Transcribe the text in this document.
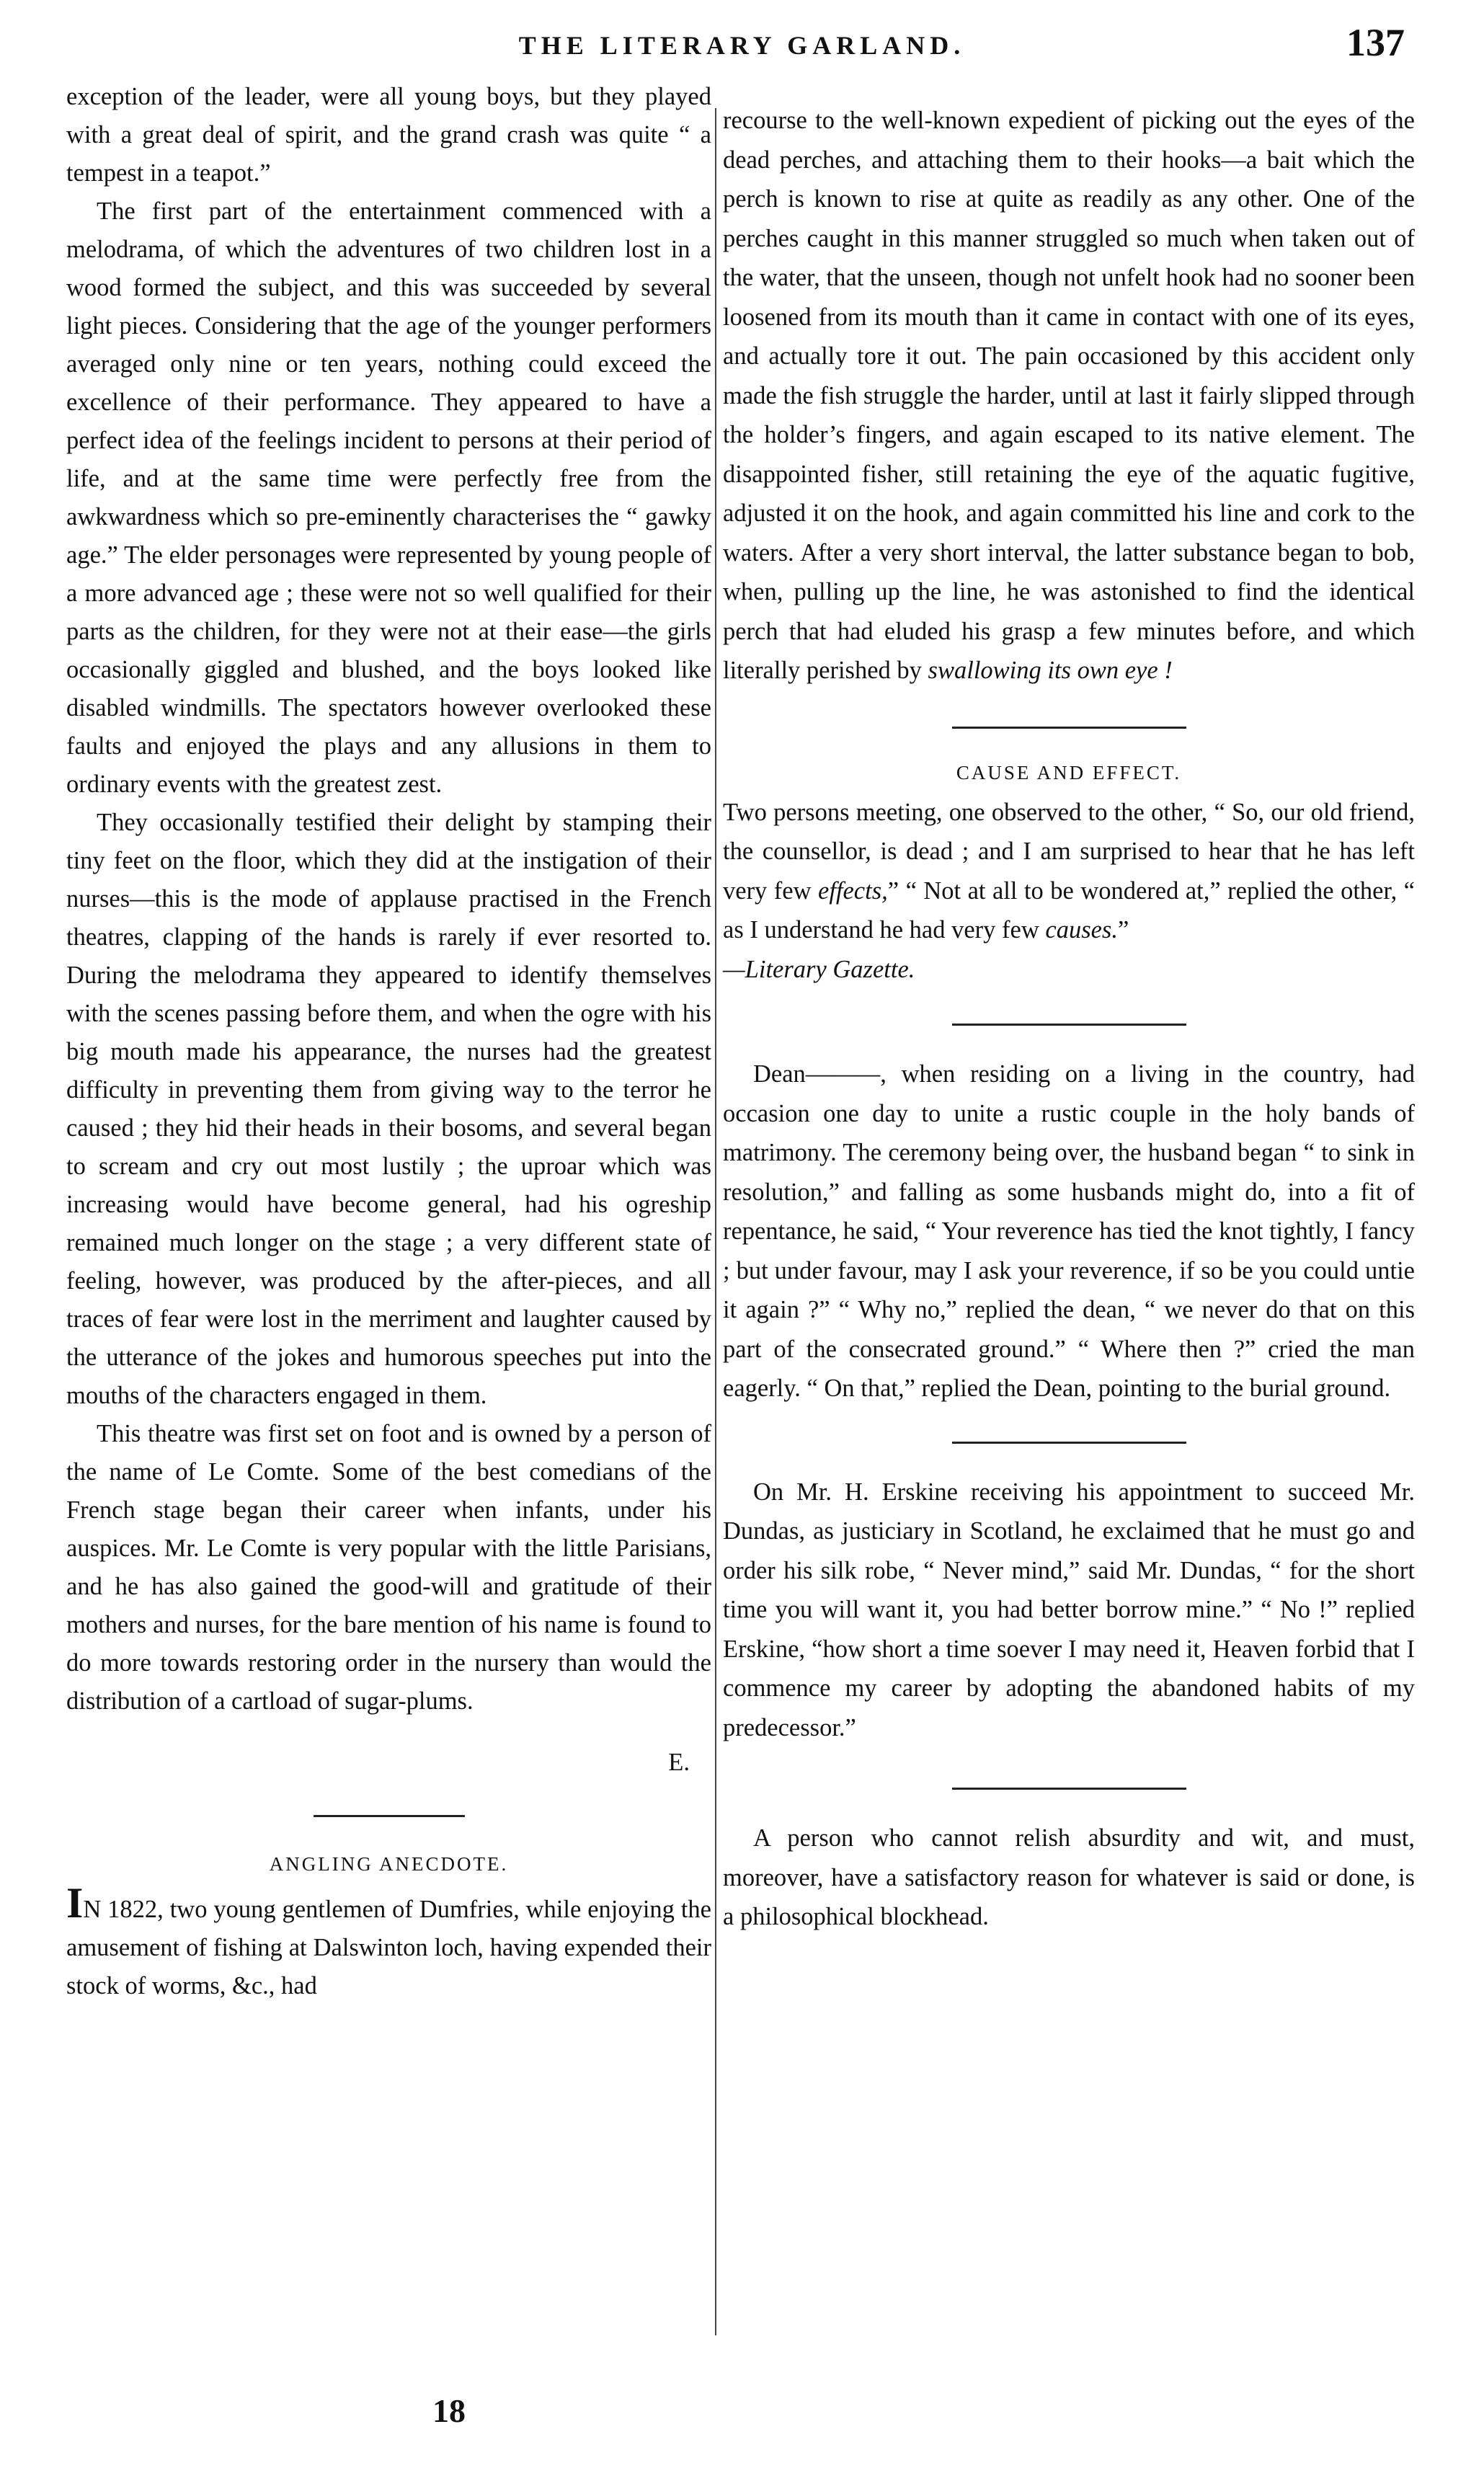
THE LITERARY GARLAND.	137

exception of the leader, were all young boys, but they played with a great deal of spirit, and the grand crash was quite “ a tempest in a teapot.”

The first part of the entertainment commenced with a melodrama, of which the adventures of two children lost in a wood formed the subject, and this was succeeded by several light pieces. Considering that the age of the younger performers averaged only nine or ten years, nothing could exceed the excellence of their performance. They appeared to have a perfect idea of the feelings incident to persons at their period of life, and at the same time were perfectly free from the awkwardness which so pre-eminently characterises the “ gawky age.” The elder personages were represented by young people of a more advanced age ; these were not so well qualified for their parts as the children, for they were not at their ease—the girls occasionally giggled and blushed, and the boys looked like disabled windmills. The spectators however overlooked these faults and enjoyed the plays and any allusions in them to ordinary events with the greatest zest.

They occasionally testified their delight by stamping their tiny feet on the floor, which they did at the instigation of their nurses—this is the mode of applause practised in the French theatres, clapping of the hands is rarely if ever resorted to. During the melodrama they appeared to identify themselves with the scenes passing before them, and when the ogre with his big mouth made his appearance, the nurses had the greatest difficulty in preventing them from giving way to the terror he caused ; they hid their heads in their bosoms, and several began to scream and cry out most lustily ; the uproar which was increasing would have become general, had his ogreship remained much longer on the stage ; a very different state of feeling, however, was produced by the after-pieces, and all traces of fear were lost in the merriment and laughter caused by the utterance of the jokes and humorous speeches put into the mouths of the characters engaged in them.

This theatre was first set on foot and is owned by a person of the name of Le Comte. Some of the best comedians of the French stage began their career when infants, under his auspices. Mr. Le Comte is very popular with the little Parisians, and he has also gained the good-will and gratitude of their mothers and nurses, for the bare mention of his name is found to do more towards restoring order in the nursery than would the distribution of a cartload of sugar-plums.

E.
ANGLING ANECDOTE.

IN 1822, two young gentlemen of Dumfries, while enjoying the amusement of fishing at Dalswinton loch, having expended their stock of worms, &c., had

recourse to the well-known expedient of picking out the eyes of the dead perches, and attaching them to their hooks—a bait which the perch is known to rise at quite as readily as any other. One of the perches caught in this manner struggled so much when taken out of the water, that the unseen, though not unfelt hook had no sooner been loosened from its mouth than it came in contact with one of its eyes, and actually tore it out. The pain occasioned by this accident only made the fish struggle the harder, until at last it fairly slipped through the holder’s fingers, and again escaped to its native element. The disappointed fisher, still retaining the eye of the aquatic fugitive, adjusted it on the hook, and again committed his line and cork to the waters. After a very short interval, the latter substance began to bob, when, pulling up the line, he was astonished to find the identical perch that had eluded his grasp a few minutes before, and which literally perished by swallowing its own eye !

CAUSE AND EFFECT.

Two persons meeting, one observed to the other, “ So, our old friend, the counsellor, is dead ; and I am surprised to hear that he has left very few effects,” “ Not at all to be wondered at,” replied the other, “ as I understand he had very few causes.”

—Literary Gazette.

Dean———, when residing on a living in the country, had occasion one day to unite a rustic couple in the holy bands of matrimony. The ceremony being over, the husband began “ to sink in resolution,” and falling as some husbands might do, into a fit of repentance, he said, “ Your reverence has tied the knot tightly, I fancy ; but under favour, may I ask your reverence, if so be you could untie it again ?” “ Why no,” replied the dean, “ we never do that on this part of the consecrated ground.” “ Where then ?” cried the man eagerly. “ On that,” replied the Dean, pointing to the burial ground.

On Mr. H. Erskine receiving his appointment to succeed Mr. Dundas, as justiciary in Scotland, he exclaimed that he must go and order his silk robe, “ Never mind,” said Mr. Dundas, “ for the short time you will want it, you had better borrow mine.” “ No !” replied Erskine, “how short a time soever I may need it, Heaven forbid that I commence my career by adopting the abandoned habits of my predecessor.”

A person who cannot relish absurdity and wit, and must, moreover, have a satisfactory reason for whatever is said or done, is a philosophical blockhead.

18
